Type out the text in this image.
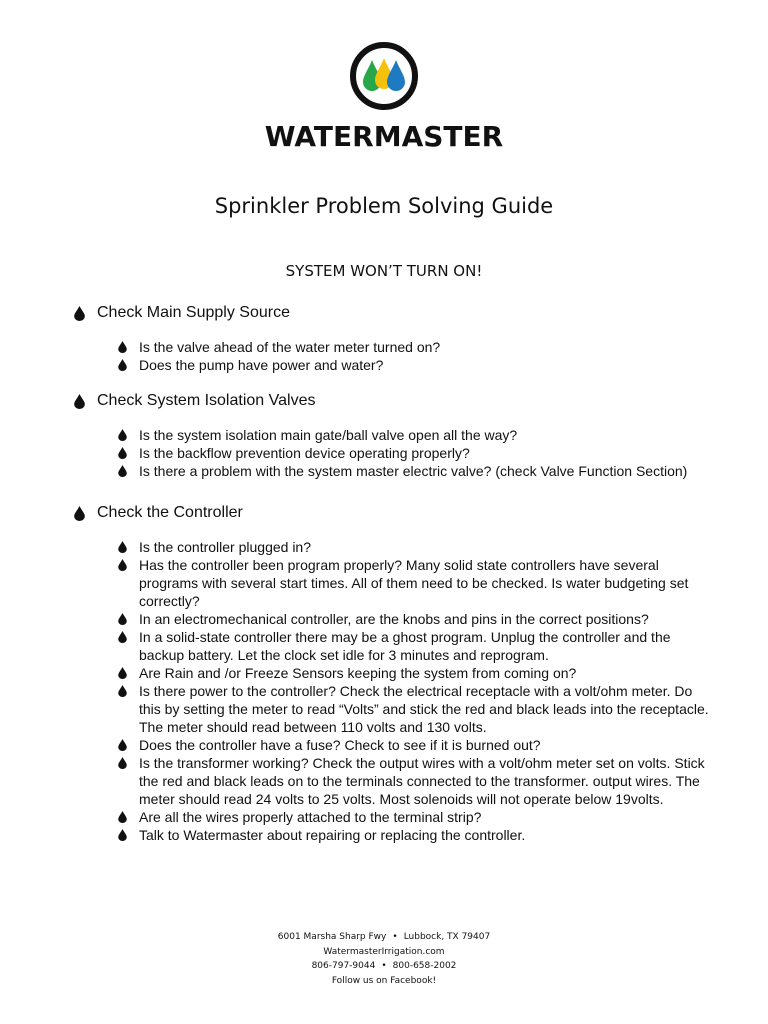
WATERMASTER
Sprinkler Problem Solving Guide
SYSTEM WON’T TURN ON!
Check Main Supply Source
Is the valve ahead of the water meter turned on?
Does the pump have power and water?
Check System Isolation Valves
Is the system isolation main gate/ball valve open all the way?
Is the backflow prevention device operating properly?
Is there a problem with the system master electric valve? (check Valve Function Section)
Check the Controller
Is the controller plugged in?
Has the controller been program properly? Many solid state controllers have several programs with several start times. All of them need to be checked. Is water budgeting set correctly?
In an electromechanical controller, are the knobs and pins in the correct positions?
In a solid-state controller there may be a ghost program. Unplug the controller and the backup battery. Let the clock set idle for 3 minutes and reprogram.
Are Rain and /or Freeze Sensors keeping the system from coming on?
Is there power to the controller? Check the electrical receptacle with a volt/ohm meter. Do this by setting the meter to read “Volts” and stick the red and black leads into the receptacle. The meter should read between 110 volts and 130 volts.
Does the controller have a fuse? Check to see if it is burned out?
Is the transformer working? Check the output wires with a volt/ohm meter set on volts. Stick the red and black leads on to the terminals connected to the transformer. output wires. The meter should read 24 volts to 25 volts. Most solenoids will not operate below 19volts.
Are all the wires properly attached to the terminal strip?
Talk to Watermaster about repairing or replacing the controller.
6001 Marsha Sharp Fwy • Lubbock, TX 79407
WatermasterIrrigation.com
806-797-9044 • 800-658-2002
Follow us on Facebook!
